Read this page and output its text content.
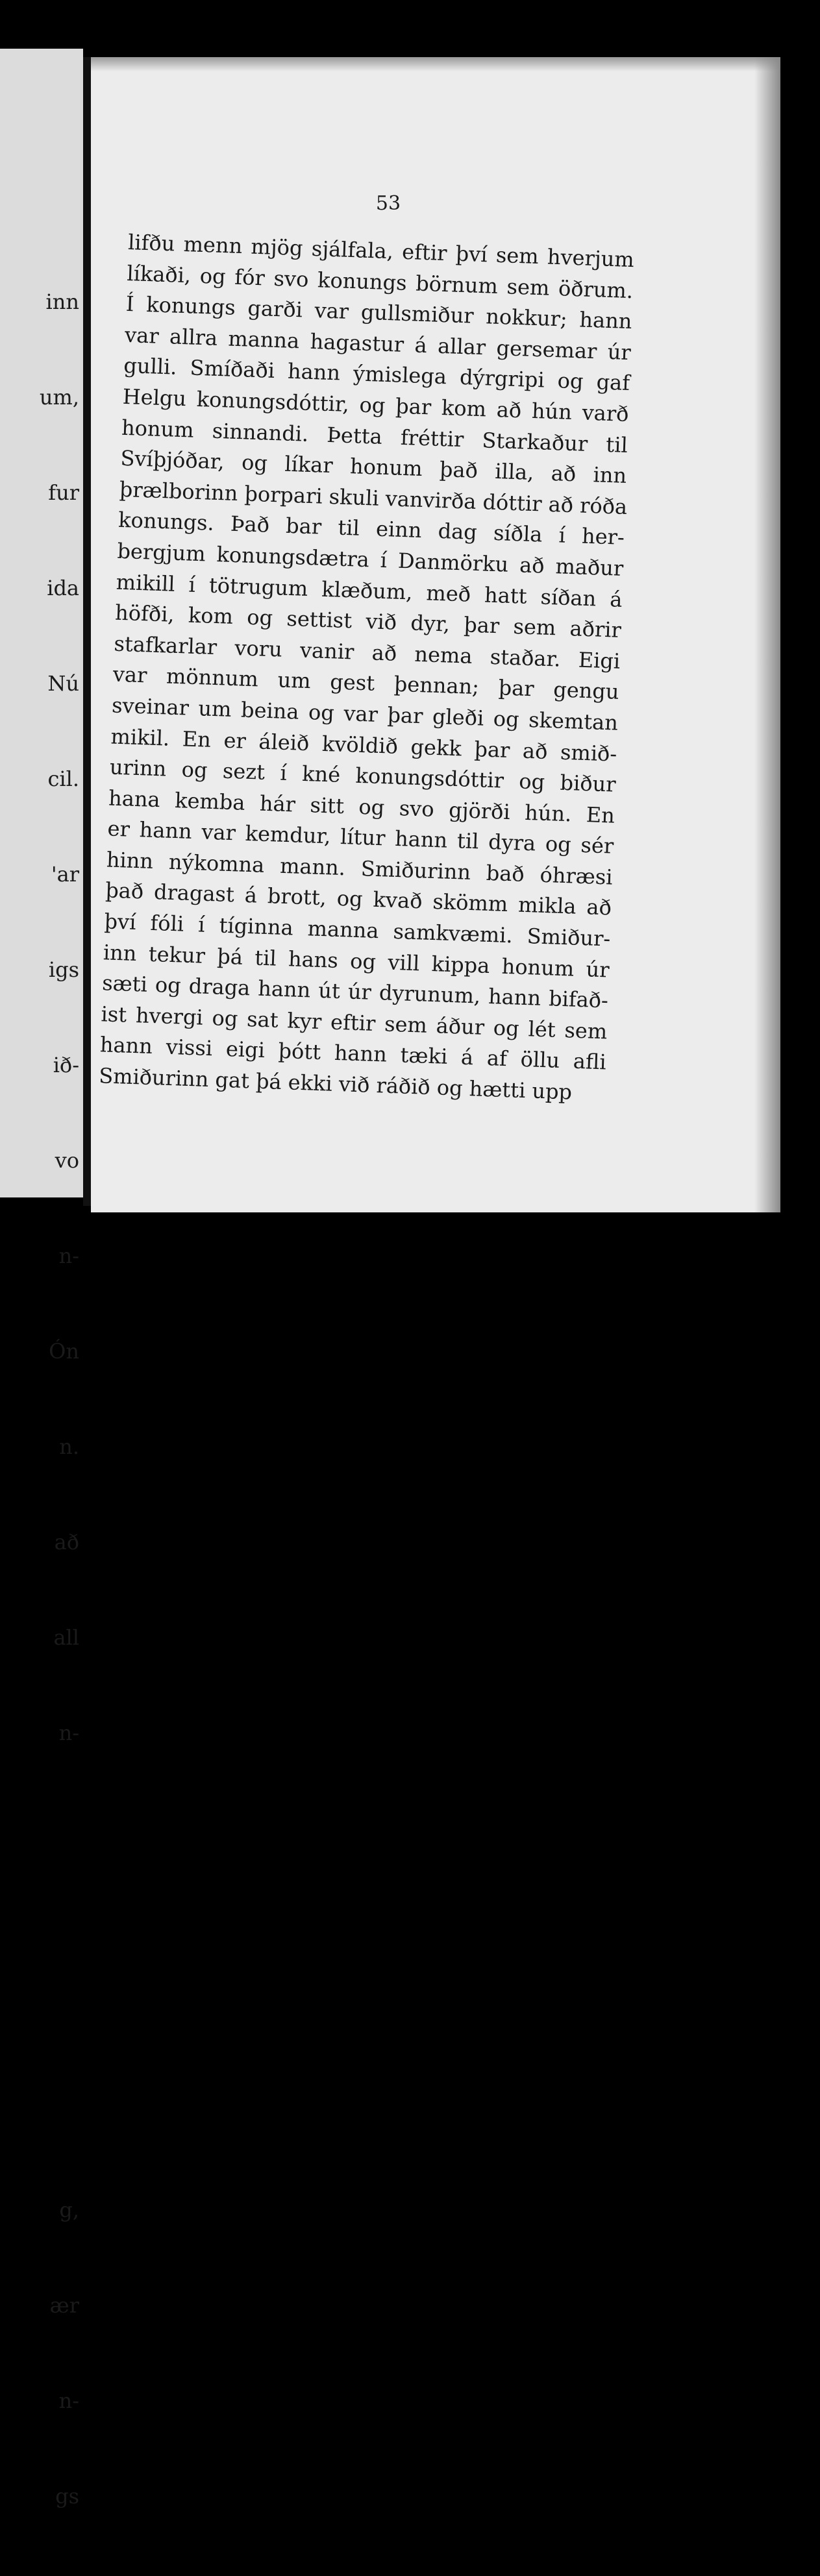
inn

um,

fur

ida

Nú

cil.

'ar

igs

ið-

vo

n-

Ón

n.

að

all

n-

g,

ær

n-

gs

53
lifðu menn mjög sjálfala, eftir því sem hverjum
líkaði, og fór svo konungs börnum sem öðrum.
Í konungs garði var gullsmiður nokkur; hann
var allra manna hagastur á allar gersemar úr
gulli. Smíðaði hann ýmislega dýrgripi og gaf
Helgu konungsdóttir, og þar kom að hún varð
honum sinnandi. Þetta fréttir Starkaður til
Svíþjóðar, og líkar honum það illa, að inn
þrælborinn þorpari skuli vanvirða dóttir að róða
konungs. Það bar til einn dag síðla í her-
bergjum konungsdætra í Danmörku að maður
mikill í tötrugum klæðum, með hatt síðan á
höfði, kom og settist við dyr, þar sem aðrir
stafkarlar voru vanir að nema staðar. Eigi
var mönnum um gest þennan; þar gengu
sveinar um beina og var þar gleði og skemtan
mikil. En er áleið kvöldið gekk þar að smið-
urinn og sezt í kné konungsdóttir og biður
hana kemba hár sitt og svo gjörði hún. En
er hann var kemdur, lítur hann til dyra og sér
hinn nýkomna mann. Smiðurinn bað óhræsi
það dragast á brott, og kvað skömm mikla að
því fóli í tíginna manna samkvæmi. Smiður-
inn tekur þá til hans og vill kippa honum úr
sæti og draga hann út úr dyrunum, hann bifað-
ist hvergi og sat kyr eftir sem áður og lét sem
hann vissi eigi þótt hann tæki á af öllu afli
Smiðurinn gat þá ekki við ráðið og hætti upp
